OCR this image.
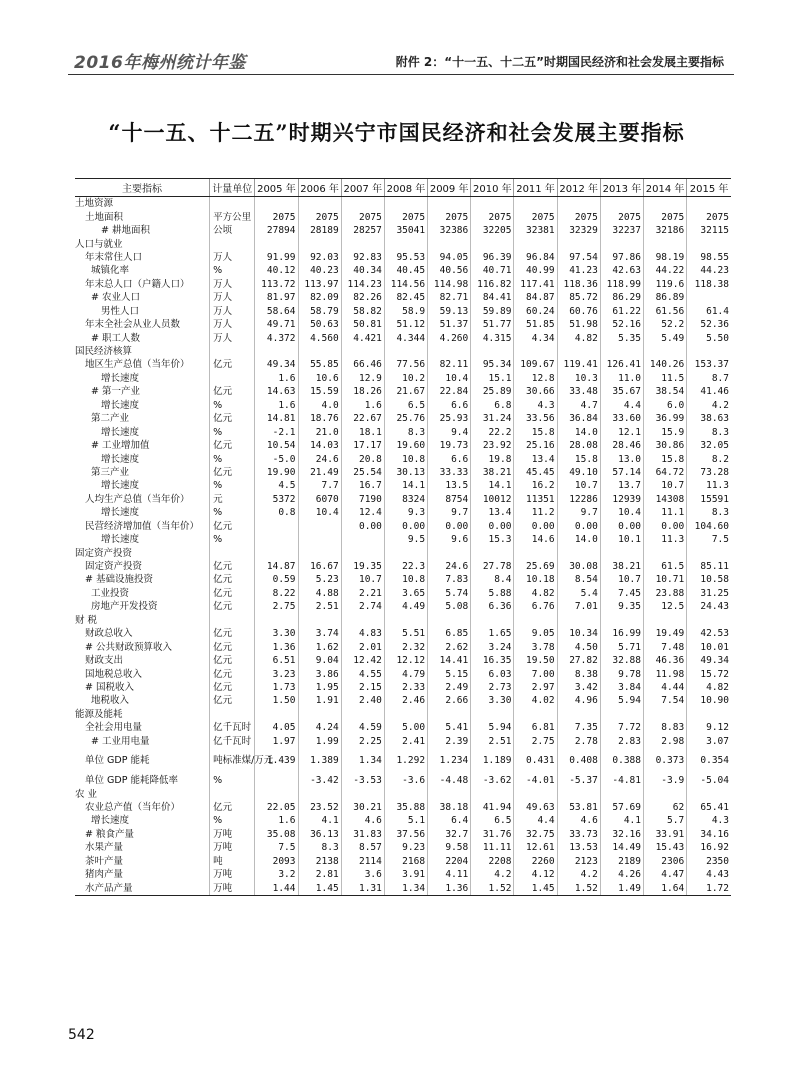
2016年梅州统计年鉴	附件 2：“十一五、十二五”时期国民经济和社会发展主要指标
“十一五、十二五”时期兴宁市国民经济和社会发展主要指标
主要指标	计量单位	2005 年	2006 年	2007 年	2008 年	2009 年	2010 年	2011 年	2012 年	2013 年	2014 年	2015 年
土地资源												
土地面积	平方公里	2075	2075	2075	2075	2075	2075	2075	2075	2075	2075	2075
# 耕地面积	公顷	27894	28189	28257	35041	32386	32205	32381	32329	32237	32186	32115
人口与就业												
年末常住人口	万人	91.99	92.03	92.83	95.53	94.05	96.39	96.84	97.54	97.86	98.19	98.55
城镇化率	%	40.12	40.23	40.34	40.45	40.56	40.71	40.99	41.23	42.63	44.22	44.23
年末总人口（户籍人口）	万人	113.72	113.97	114.23	114.56	114.98	116.82	117.41	118.36	118.99	119.6	118.38
# 农业人口	万人	81.97	82.09	82.26	82.45	82.71	84.41	84.87	85.72	86.29	86.89	
男性人口	万人	58.64	58.79	58.82	58.9	59.13	59.89	60.24	60.76	61.22	61.56	61.4
年末全社会从业人员数	万人	49.71	50.63	50.81	51.12	51.37	51.77	51.85	51.98	52.16	52.2	52.36
# 职工人数	万人	4.372	4.560	4.421	4.344	4.260	4.315	4.34	4.82	5.35	5.49	5.50
国民经济核算												
地区生产总值（当年价）	亿元	49.34	55.85	66.46	77.56	82.11	95.34	109.67	119.41	126.41	140.26	153.37
增长速度		1.6	10.6	12.9	10.2	10.4	15.1	12.8	10.3	11.0	11.5	8.7
# 第一产业	亿元	14.63	15.59	18.26	21.67	22.84	25.89	30.66	33.48	35.67	38.54	41.46
增长速度	%	1.6	4.0	1.6	6.5	6.6	6.8	4.3	4.7	4.4	6.0	4.2
第二产业	亿元	14.81	18.76	22.67	25.76	25.93	31.24	33.56	36.84	33.60	36.99	38.63
增长速度	%	-2.1	21.0	18.1	8.3	9.4	22.2	15.8	14.0	12.1	15.9	8.3
# 工业增加值	亿元	10.54	14.03	17.17	19.60	19.73	23.92	25.16	28.08	28.46	30.86	32.05
增长速度	%	-5.0	24.6	20.8	10.8	6.6	19.8	13.4	15.8	13.0	15.8	8.2
第三产业	亿元	19.90	21.49	25.54	30.13	33.33	38.21	45.45	49.10	57.14	64.72	73.28
增长速度	%	4.5	7.7	16.7	14.1	13.5	14.1	16.2	10.7	13.7	10.7	11.3
人均生产总值（当年价）	元	5372	6070	7190	8324	8754	10012	11351	12286	12939	14308	15591
增长速度	%	0.8	10.4	12.4	9.3	9.7	13.4	11.2	9.7	10.4	11.1	8.3
民营经济增加值（当年价）	亿元			0.00	0.00	0.00	0.00	0.00	0.00	0.00	0.00	104.60
增长速度	%				9.5	9.6	15.3	14.6	14.0	10.1	11.3	7.5
固定资产投资												
固定资产投资	亿元	14.87	16.67	19.35	22.3	24.6	27.78	25.69	30.08	38.21	61.5	85.11
# 基础设施投资	亿元	0.59	5.23	10.7	10.8	7.83	8.4	10.18	8.54	10.7	10.71	10.58
工业投资	亿元	8.22	4.88	2.21	3.65	5.74	5.88	4.82	5.4	7.45	23.88	31.25
房地产开发投资	亿元	2.75	2.51	2.74	4.49	5.08	6.36	6.76	7.01	9.35	12.5	24.43
财 税												
财政总收入	亿元	3.30	3.74	4.83	5.51	6.85	1.65	9.05	10.34	16.99	19.49	42.53
# 公共财政预算收入	亿元	1.36	1.62	2.01	2.32	2.62	3.24	3.78	4.50	5.71	7.48	10.01
财政支出	亿元	6.51	9.04	12.42	12.12	14.41	16.35	19.50	27.82	32.88	46.36	49.34
国地税总收入	亿元	3.23	3.86	4.55	4.79	5.15	6.03	7.00	8.38	9.78	11.98	15.72
# 国税收入	亿元	1.73	1.95	2.15	2.33	2.49	2.73	2.97	3.42	3.84	4.44	4.82
地税收入	亿元	1.50	1.91	2.40	2.46	2.66	3.30	4.02	4.96	5.94	7.54	10.90
能源及能耗												
全社会用电量	亿千瓦时	4.05	4.24	4.59	5.00	5.41	5.94	6.81	7.35	7.72	8.83	9.12
# 工业用电量	亿千瓦时	1.97	1.99	2.25	2.41	2.39	2.51	2.75	2.78	2.83	2.98	3.07
单位 GDP 能耗	吨标准煤/万元	1.439	1.389	1.34	1.292	1.234	1.189	0.431	0.408	0.388	0.373	0.354
单位 GDP 能耗降低率	%		-3.42	-3.53	-3.6	-4.48	-3.62	-4.01	-5.37	-4.81	-3.9	-5.04
农 业												
农业总产值（当年价）	亿元	22.05	23.52	30.21	35.88	38.18	41.94	49.63	53.81	57.69	62	65.41
增长速度	%	1.6	4.1	4.6	5.1	6.4	6.5	4.4	4.6	4.1	5.7	4.3
# 粮食产量	万吨	35.08	36.13	31.83	37.56	32.7	31.76	32.75	33.73	32.16	33.91	34.16
水果产量	万吨	7.5	8.3	8.57	9.23	9.58	11.11	12.61	13.53	14.49	15.43	16.92
茶叶产量	吨	2093	2138	2114	2168	2204	2208	2260	2123	2189	2306	2350
猪肉产量	万吨	3.2	2.81	3.6	3.91	4.11	4.2	4.12	4.2	4.26	4.47	4.43
水产品产量	万吨	1.44	1.45	1.31	1.34	1.36	1.52	1.45	1.52	1.49	1.64	1.72
542
